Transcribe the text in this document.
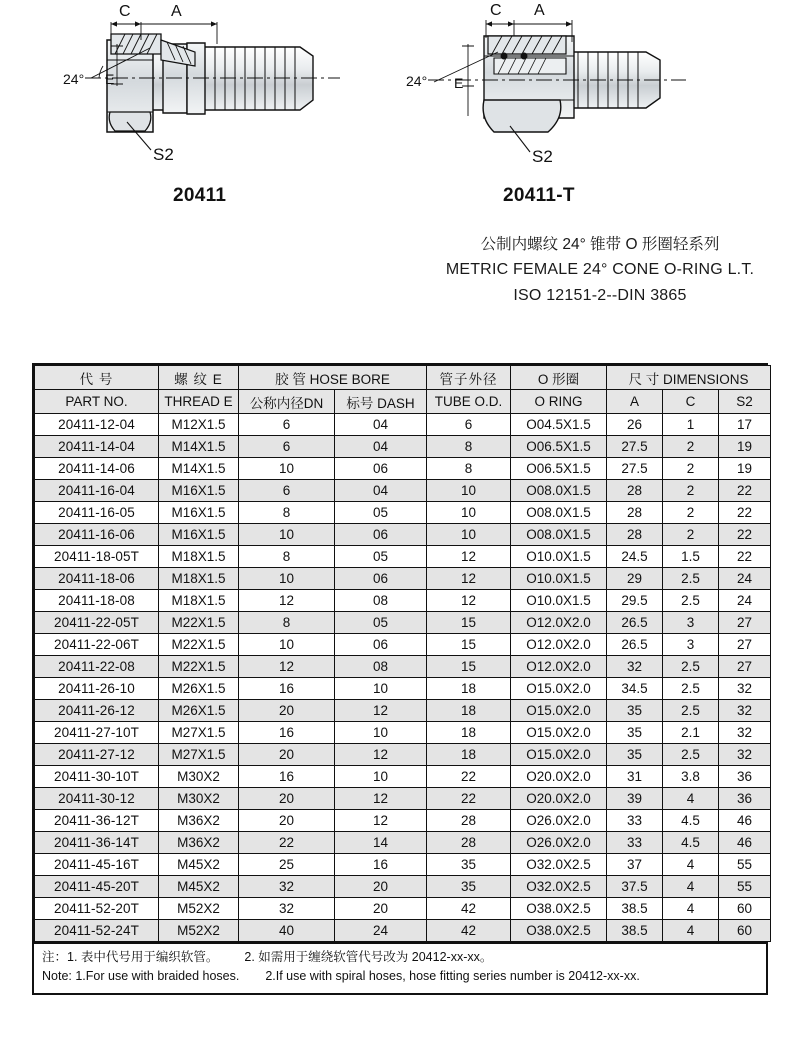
24° E
C	A
S2
24° E
C A
S2
20411	20411-T
公制内螺纹 24° 锥带 O 形圈轻系列
METRIC FEMALE 24° CONE O-RING L.T.
ISO 12151-2--DIN 3865
代 号	螺 纹 E	胶 管 HOSE BORE		管子外径	O 形圈	尺 寸 DIMENSIONS		
PART NO.	THREAD E	公称内径DN	标号 DASH	TUBE O.D.	O RING	A	C	S2
20411-12-04	M12X1.5	6	04	6	O04.5X1.5	26	1	17
20411-14-04	M14X1.5	6	04	8	O06.5X1.5	27.5	2	19
20411-14-06	M14X1.5	10	06	8	O06.5X1.5	27.5	2	19
20411-16-04	M16X1.5	6	04	10	O08.0X1.5	28	2	22
20411-16-05	M16X1.5	8	05	10	O08.0X1.5	28	2	22
20411-16-06	M16X1.5	10	06	10	O08.0X1.5	28	2	22
20411-18-05T	M18X1.5	8	05	12	O10.0X1.5	24.5	1.5	22
20411-18-06	M18X1.5	10	06	12	O10.0X1.5	29	2.5	24
20411-18-08	M18X1.5	12	08	12	O10.0X1.5	29.5	2.5	24
20411-22-05T	M22X1.5	8	05	15	O12.0X2.0	26.5	3	27
20411-22-06T	M22X1.5	10	06	15	O12.0X2.0	26.5	3	27
20411-22-08	M22X1.5	12	08	15	O12.0X2.0	32	2.5	27
20411-26-10	M26X1.5	16	10	18	O15.0X2.0	34.5	2.5	32
20411-26-12	M26X1.5	20	12	18	O15.0X2.0	35	2.5	32
20411-27-10T	M27X1.5	16	10	18	O15.0X2.0	35	2.1	32
20411-27-12	M27X1.5	20	12	18	O15.0X2.0	35	2.5	32
20411-30-10T	M30X2	16	10	22	O20.0X2.0	31	3.8	36
20411-30-12	M30X2	20	12	22	O20.0X2.0	39	4	36
20411-36-12T	M36X2	20	12	28	O26.0X2.0	33	4.5	46
20411-36-14T	M36X2	22	14	28	O26.0X2.0	33	4.5	46
20411-45-16T	M45X2	25	16	35	O32.0X2.5	37	4	55
20411-45-20T	M45X2	32	20	35	O32.0X2.5	37.5	4	55
20411-52-20T	M52X2	32	20	42	O38.0X2.5	38.5	4	60
20411-52-24T	M52X2	40	24	42	O38.0X2.5	38.5	4	60
注：1. 表中代号用于编织软管。 2. 如需用于缠绕软管代号改为 20412-xx-xx。
Note: 1.For use with braided hoses. 2.If use with spiral hoses, hose fitting series number is 20412-xx-xx.
